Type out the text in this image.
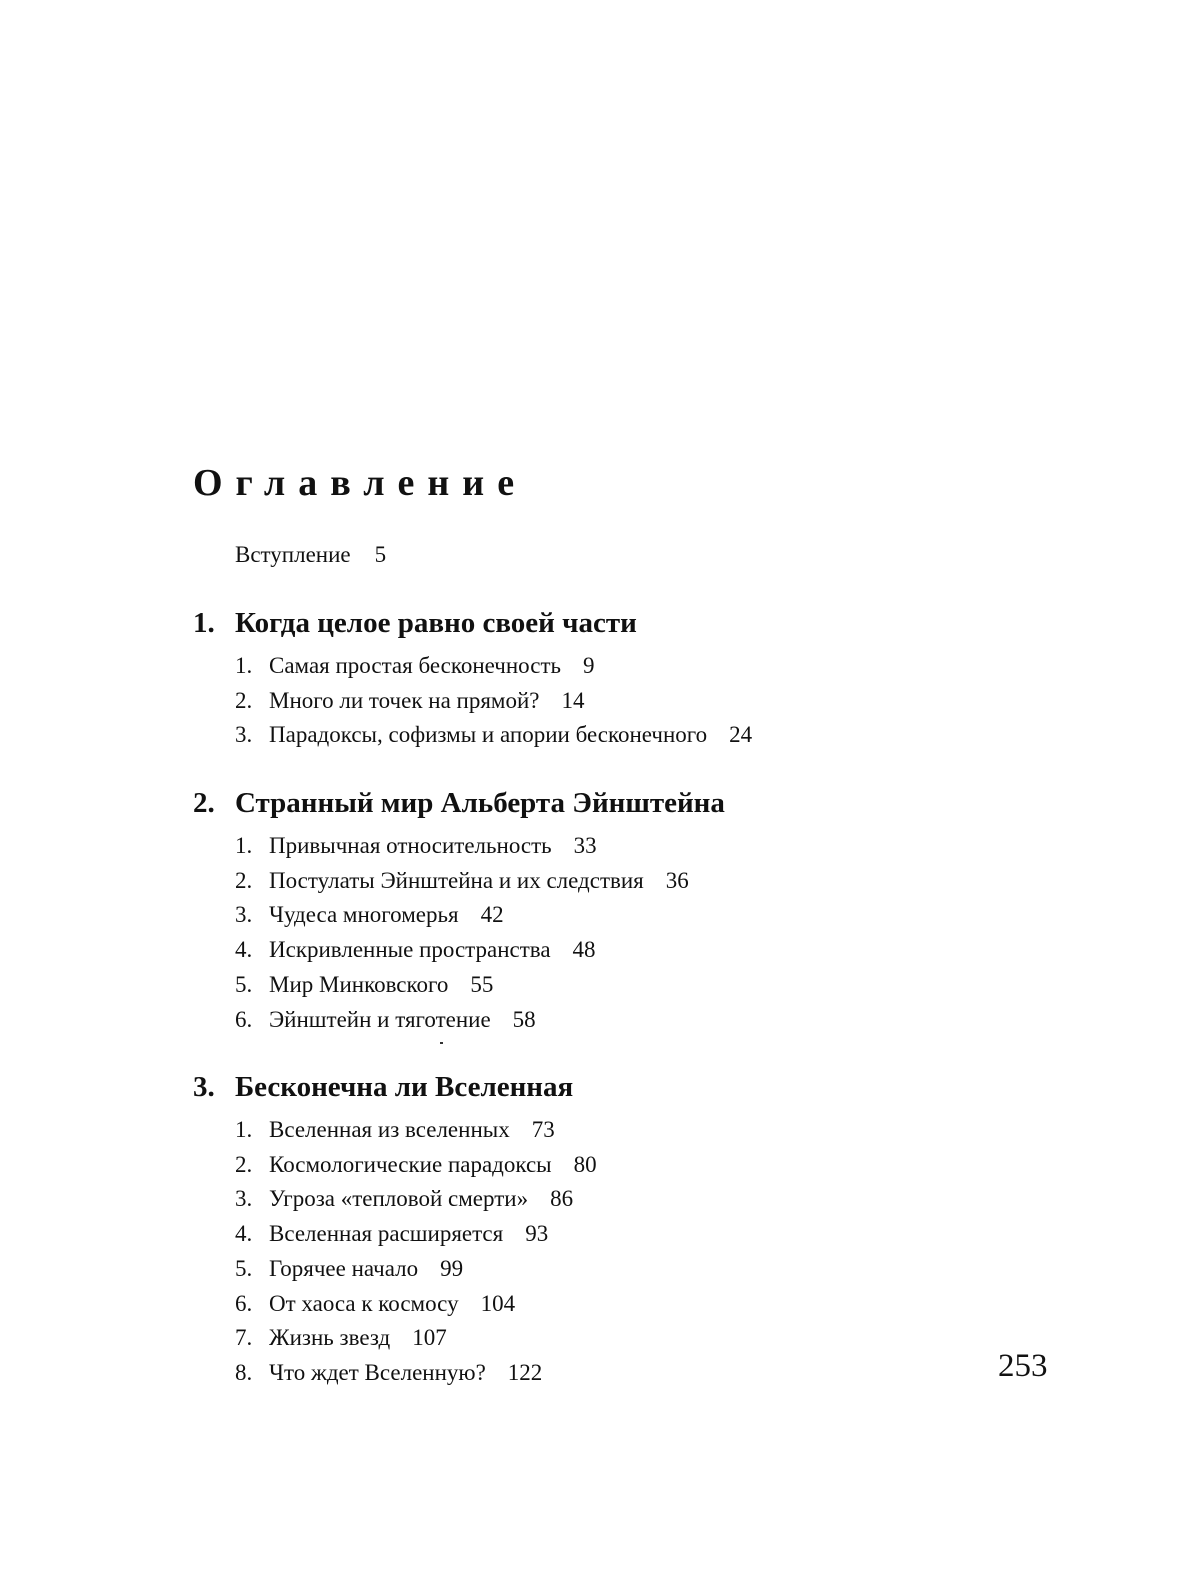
Оглавление
Вступление 5
1. Когда целое равно своей части
1. Самая простая бесконечность 9
2. Много ли точек на прямой? 14
3. Парадоксы, софизмы и апории бесконечного 24
2. Странный мир Альберта Эйнштейна
1. Привычная относительность 33
2. Постулаты Эйнштейна и их следствия 36
3. Чудеса многомерья 42
4. Искривленные пространства 48
5. Мир Минковского 55
6. Эйнштейн и тяготение 58
3. Бесконечна ли Вселенная
1. Вселенная из вселенных 73
2. Космологические парадоксы 80
3. Угроза «тепловой смерти» 86
4. Вселенная расширяется 93
5. Горячее начало 99
6. От хаоса к космосу 104
7. Жизнь звезд 107
8. Что ждет Вселенную? 122	253
